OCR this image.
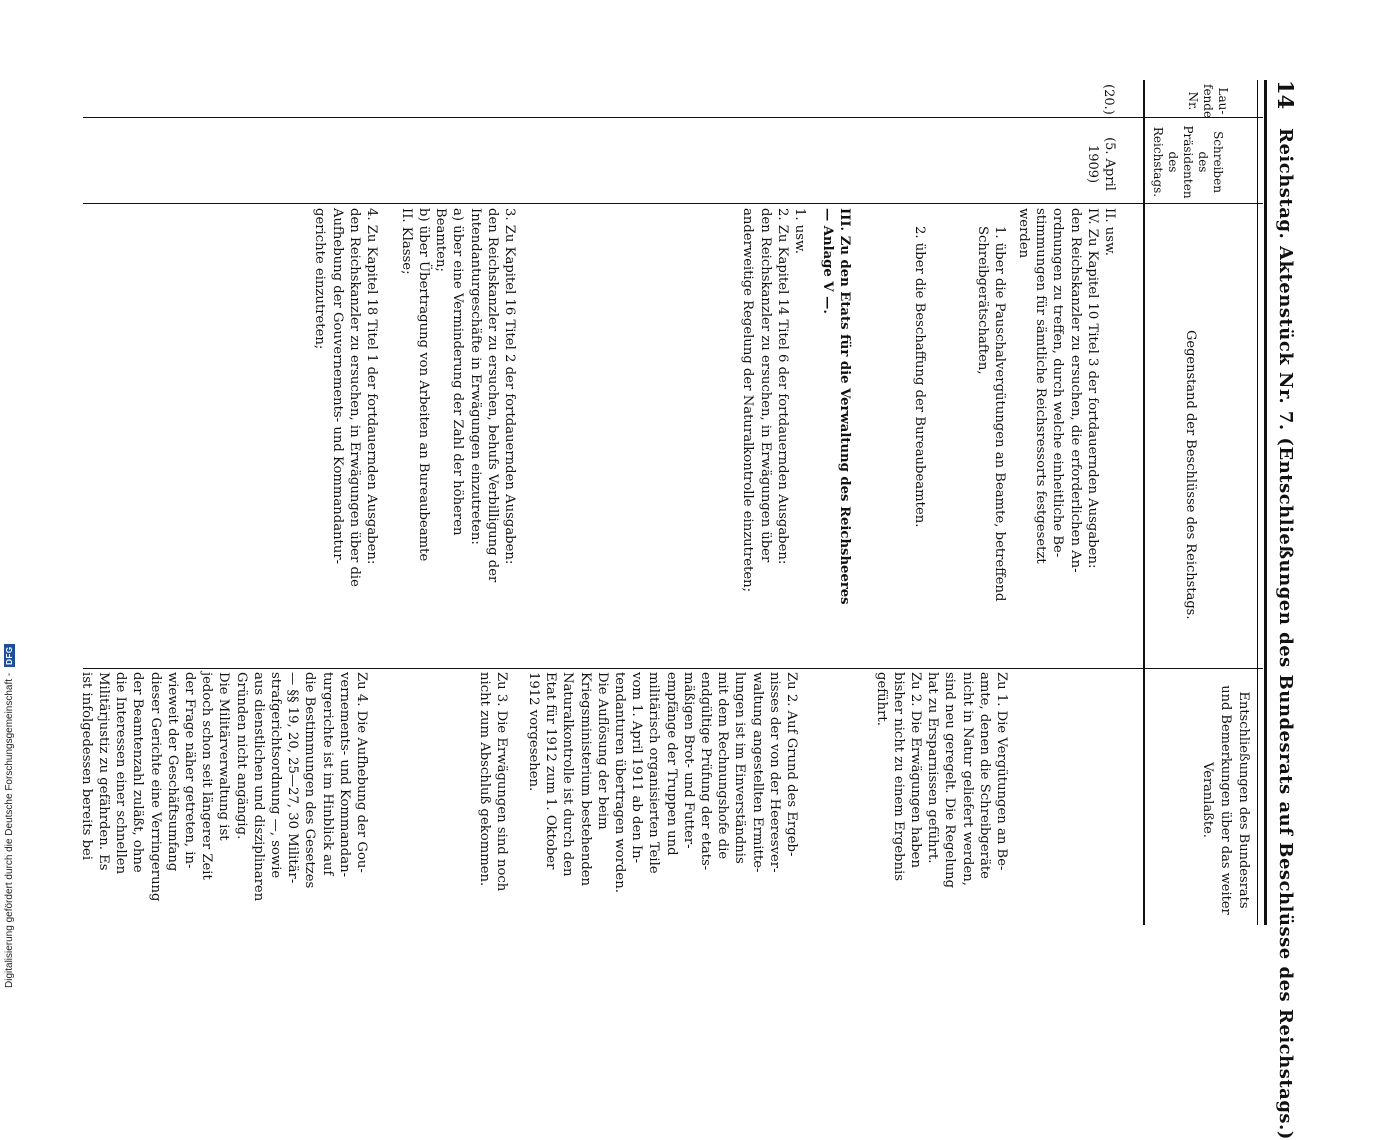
Digitalisierung gefördert durch die Deutsche Forschungsgemeinschaft -
DFG
14
Reichstag. Aktenstück Nr. 7. (Entschließungen des Bundesrats auf Beschlüsse des Reichstags.)
Lau- fende Nr.
Schreiben des Präsidenten des Reichstags.
Gegenstand der Beschlüsse des Reichstags.
Entschließungen des Bundesrats und Bemerkungen über das weiter Veranlaßte.
(20.)
(5. April 1909)
II. usw.
IV. Zu Kapitel 10 Titel 3 der fortdauernden Ausgaben:
den Reichskanzler zu ersuchen, die erforderlichen An-
ordnungen zu treffen, durch welche einheitliche Be-
stimmungen für sämtliche Reichsressorts festgesetzt
werden
1. über die Pauschalvergütungen an Beamte, betreffend
Schreibgerätschaften,
2. über die Beschaffung der Bureaubeamten.
III. Zu den Etats für die Verwaltung des Reichsheeres
— Anlage V —.
1. usw.
2. Zu Kapitel 14 Titel 6 der fortdauernden Ausgaben:
den Reichskanzler zu ersuchen, in Erwägungen über
anderweitige Regelung der Naturalkontrolle einzutreten;
3. Zu Kapitel 16 Titel 2 der fortdauernden Ausgaben:
den Reichskanzler zu ersuchen, behufs Verbilligung der
Intendanturgeschäfte in Erwägungen einzutreten:
a) über eine Verminderung der Zahl der höheren
Beamten;
b) über Übertragung von Arbeiten an Bureaubeamte
II. Klasse;
4. Zu Kapitel 18 Titel 1 der fortdauernden Ausgaben:
den Reichskanzler zu ersuchen, in Erwägungen über die
Aufhebung der Gouvernements- und Kommandantur-
gerichte einzutreten;
Zu 1. Die Vergütungen an Be-
amte, denen die Schreibgeräte
nicht in Natur geliefert werden,
sind neu geregelt. Die Regelung
hat zu Ersparnissen geführt.
Zu 2. Die Erwägungen haben
bisher nicht zu einem Ergebnis
geführt.
Zu 2. Auf Grund des Ergeb-
nisses der von der Heeresver-
waltung angestellten Ermitte-
lungen ist im Einverständnis
mit dem Rechnungshofe die
endgültige Prüfung der etats-
mäßigen Brot- und Futter-
empfänge der Truppen und
militärisch organisierten Teile
vom 1. April 1911 ab den In-
tendanturen übertragen worden.
Die Auflösung der beim
Kriegsministerium bestehenden
Naturalkontrolle ist durch den
Etat für 1912 zum 1. Oktober
1912 vorgesehen.
Zu 3. Die Erwägungen sind noch
nicht zum Abschluß gekommen.
Zu 4. Die Aufhebung der Gou-
vernements- und Kommandan-
turgerichte ist im Hinblick auf
die Bestimmungen des Gesetzes
— §§ 19, 20, 25—27, 30 Militär-
strafgerichtsordnung —, sowie
aus dienstlichen und disziplinaren
Gründen nicht angängig.
Die Militärverwaltung ist
jedoch schon seit längerer Zeit
der Frage näher getreten, in-
wieweit der Geschäftsumfang
dieser Gerichte eine Verringerung
der Beamtenzahl zuläßt, ohne
die Interessen einer schnellen
Militärjustiz zu gefährden. Es
ist infolgedessen bereits bei
